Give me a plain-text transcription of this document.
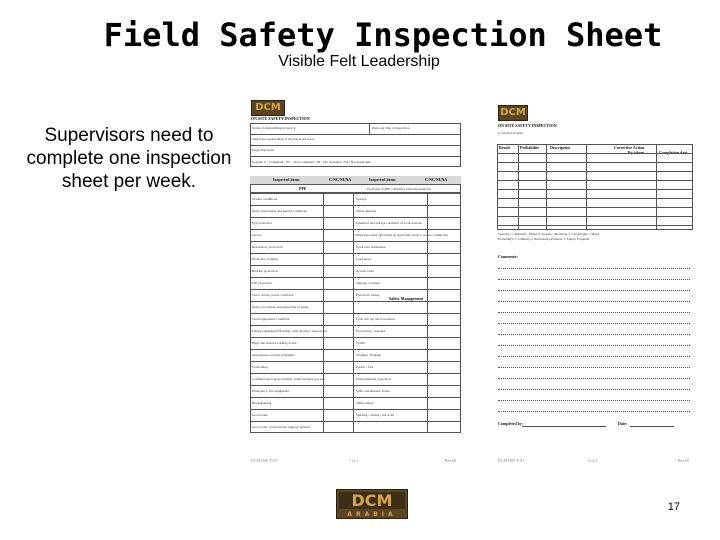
Field Safety Inspection Sheet
Visible Felt Leadership
Supervisors need to complete one inspection sheet per week.
DCM
ON SITE SAFETY INSPECTION
Name of site/building/project/ #	Date and time of inspection
Supervisor undertaking of the inspected areas
Inspection team
Legend: C - Compliant / NC - Non-compliant / NI - Not included / NA - Not applicable
Inspected items	C/NC/NI/NA	Inspected items	C/NC/NI/NA
PPE	Provision of PPE compliant with site standards
Worker conditions	Storage
Daily observation and hazard conditions	Waste disposal
Eye protection	Chemical and storage condition of work stations
Gloves	Materials safety (Provided by applicable work to secure conditions)
Respiratory protection	Work area delineation
Protective clothing	Load areas
Hearing protection	Access/ exits
Fall protection	Signage / barriers
Tools, drives, power condition	Electrical/ wiring
Daily tool checks and inspection of equip.
Tools/equipment/ condition	Lock out/ tag out procedures
Lifting equipment (Hoisting, with operator, inspection)	Excavation / trenches
High risk/ hazard working at site	Traffic
Appropriate working at heights	Working / Parking
Scaffolding	Permit / JSA
Confined space entry permits/ valid/ isolated/ gas test	Environmental protection
Emergency/ fire equipment	Spill containment/ waste
Housekeeping	Office safety
Good order	Welding / cutting / hot work
Good order: obstructions, slippery surfaces
Safety Management
DCM HSE F-07	1 of 2	Rev.00
DCM
ON SITE SAFETY INSPECTION
Corrective Actions
Result	Probability	Description	Corrective Action
By whom	Completion date
Severity: 1. Minimal / Minor 2. Serious / Moderate 3. Catastrophic / Major
Probability: 1. Unlikely 2. Reasonably Possible 3. Likely/ Frequent
Comments:
Completed by:	Date:
DCM HSE F-07	2 of 2	Rev.00
DCM
ARABIA
17
